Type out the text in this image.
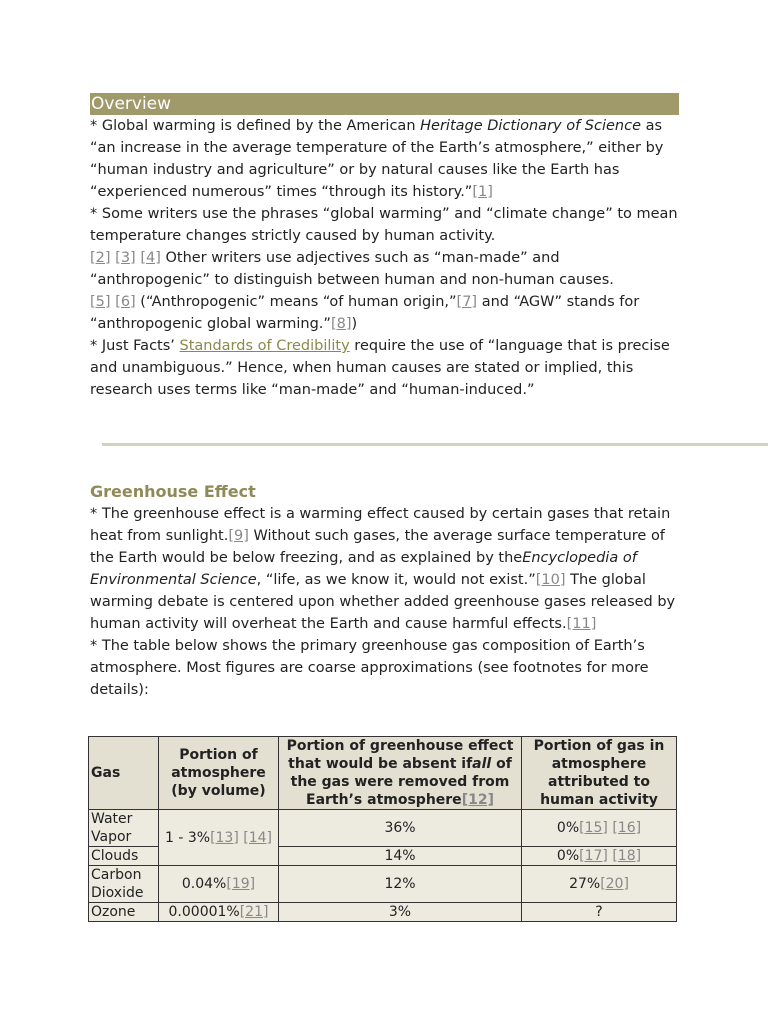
Overview

* Global warming is defined by the American Heritage Dictionary of Science as “an increase in the average temperature of the Earth’s atmosphere,” either by “human industry and agriculture” or by natural causes like the Earth has “experienced numerous” times “through its history.”[1]

* Some writers use the phrases “global warming” and “climate change” to mean temperature changes strictly caused by human activity.
[2] [3] [4] Other writers use adjectives such as “man-made” and “anthropogenic” to distinguish between human and non-human causes.
[5] [6] (“Anthropogenic” means “of human origin,”[7] and “AGW” stands for “anthropogenic global warming.”[8])

* Just Facts’ Standards of Credibility require the use of “language that is precise and unambiguous.” Hence, when human causes are stated or implied, this research uses terms like “man-made” and “human-induced.”

Greenhouse Effect

* The greenhouse effect is a warming effect caused by certain gases that retain heat from sunlight.[9] Without such gases, the average surface temperature of the Earth would be below freezing, and as explained by theEncyclopedia of Environmental Science, “life, as we know it, would not exist.”[10] The global warming debate is centered upon whether added greenhouse gases released by human activity will overheat the Earth and cause harmful effects.[11]

* The table below shows the primary greenhouse gas composition of Earth’s atmosphere. Most figures are coarse approximations (see footnotes for more details):

Gas	Portion of atmosphere (by volume)	Portion of greenhouse effect that would be absent ifall of the gas were removed from Earth’s atmosphere[12]	Portion of gas in atmosphere attributed to human activity
Water Vapor	1 - 3%[13] [14]	36%	0%[15] [16]
Clouds		14%	0%[17] [18]
Carbon Dioxide	0.04%[19]	12%	27%[20]
Ozone	0.00001%[21]	3%	?
